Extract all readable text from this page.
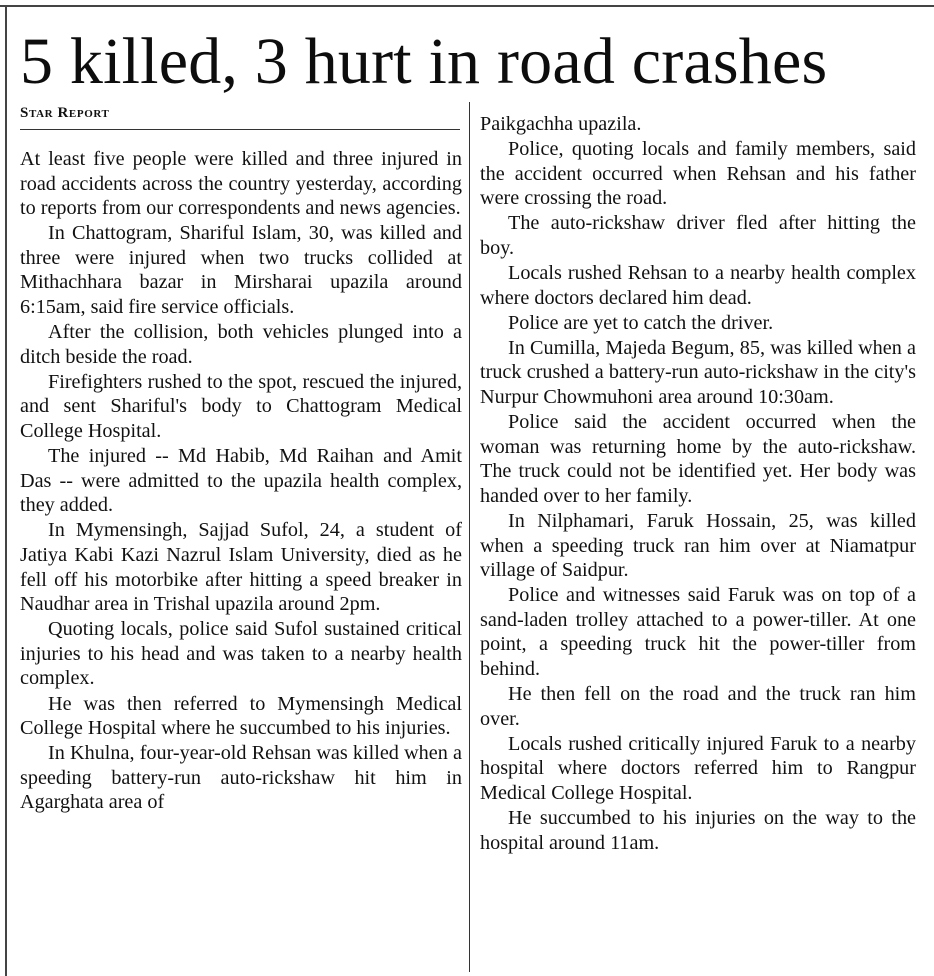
5 killed, 3 hurt in road crashes
Star Report

At least five people were killed and three injured in road accidents across the country yesterday, according to reports from our correspondents and news agencies.

In Chattogram, Shariful Islam, 30, was killed and three were injured when two trucks collided at Mithachhara bazar in Mirsharai upazila around 6:15am, said fire service officials.

After the collision, both vehicles plunged into a ditch beside the road.

Firefighters rushed to the spot, rescued the injured, and sent Shariful's body to Chattogram Medical College Hospital.

The injured -- Md Habib, Md Raihan and Amit Das -- were admitted to the upazila health complex, they added.

In Mymensingh, Sajjad Sufol, 24, a student of Jatiya Kabi Kazi Nazrul Islam University, died as he fell off his motorbike after hitting a speed breaker in Naudhar area in Trishal upazila around 2pm.

Quoting locals, police said Sufol sustained critical injuries to his head and was taken to a nearby health complex.

He was then referred to Mymensingh Medical College Hospital where he succumbed to his injuries.

In Khulna, four-year-old Rehsan was killed when a speeding battery-run auto-rickshaw hit him in Agarghata area of

Paikgachha upazila.

Police, quoting locals and family members, said the accident occurred when Rehsan and his father were crossing the road.

The auto-rickshaw driver fled after hitting the boy.

Locals rushed Rehsan to a nearby health complex where doctors declared him dead.

Police are yet to catch the driver.

In Cumilla, Majeda Begum, 85, was killed when a truck crushed a battery-run auto-rickshaw in the city's Nurpur Chowmuhoni area around 10:30am.

Police said the accident occurred when the woman was returning home by the auto-rickshaw. The truck could not be identified yet. Her body was handed over to her family.

In Nilphamari, Faruk Hossain, 25, was killed when a speeding truck ran him over at Niamatpur village of Saidpur.

Police and witnesses said Faruk was on top of a sand-laden trolley attached to a power-tiller. At one point, a speeding truck hit the power-tiller from behind.

He then fell on the road and the truck ran him over.

Locals rushed critically injured Faruk to a nearby hospital where doctors referred him to Rangpur Medical College Hospital.

He succumbed to his injuries on the way to the hospital around 11am.
